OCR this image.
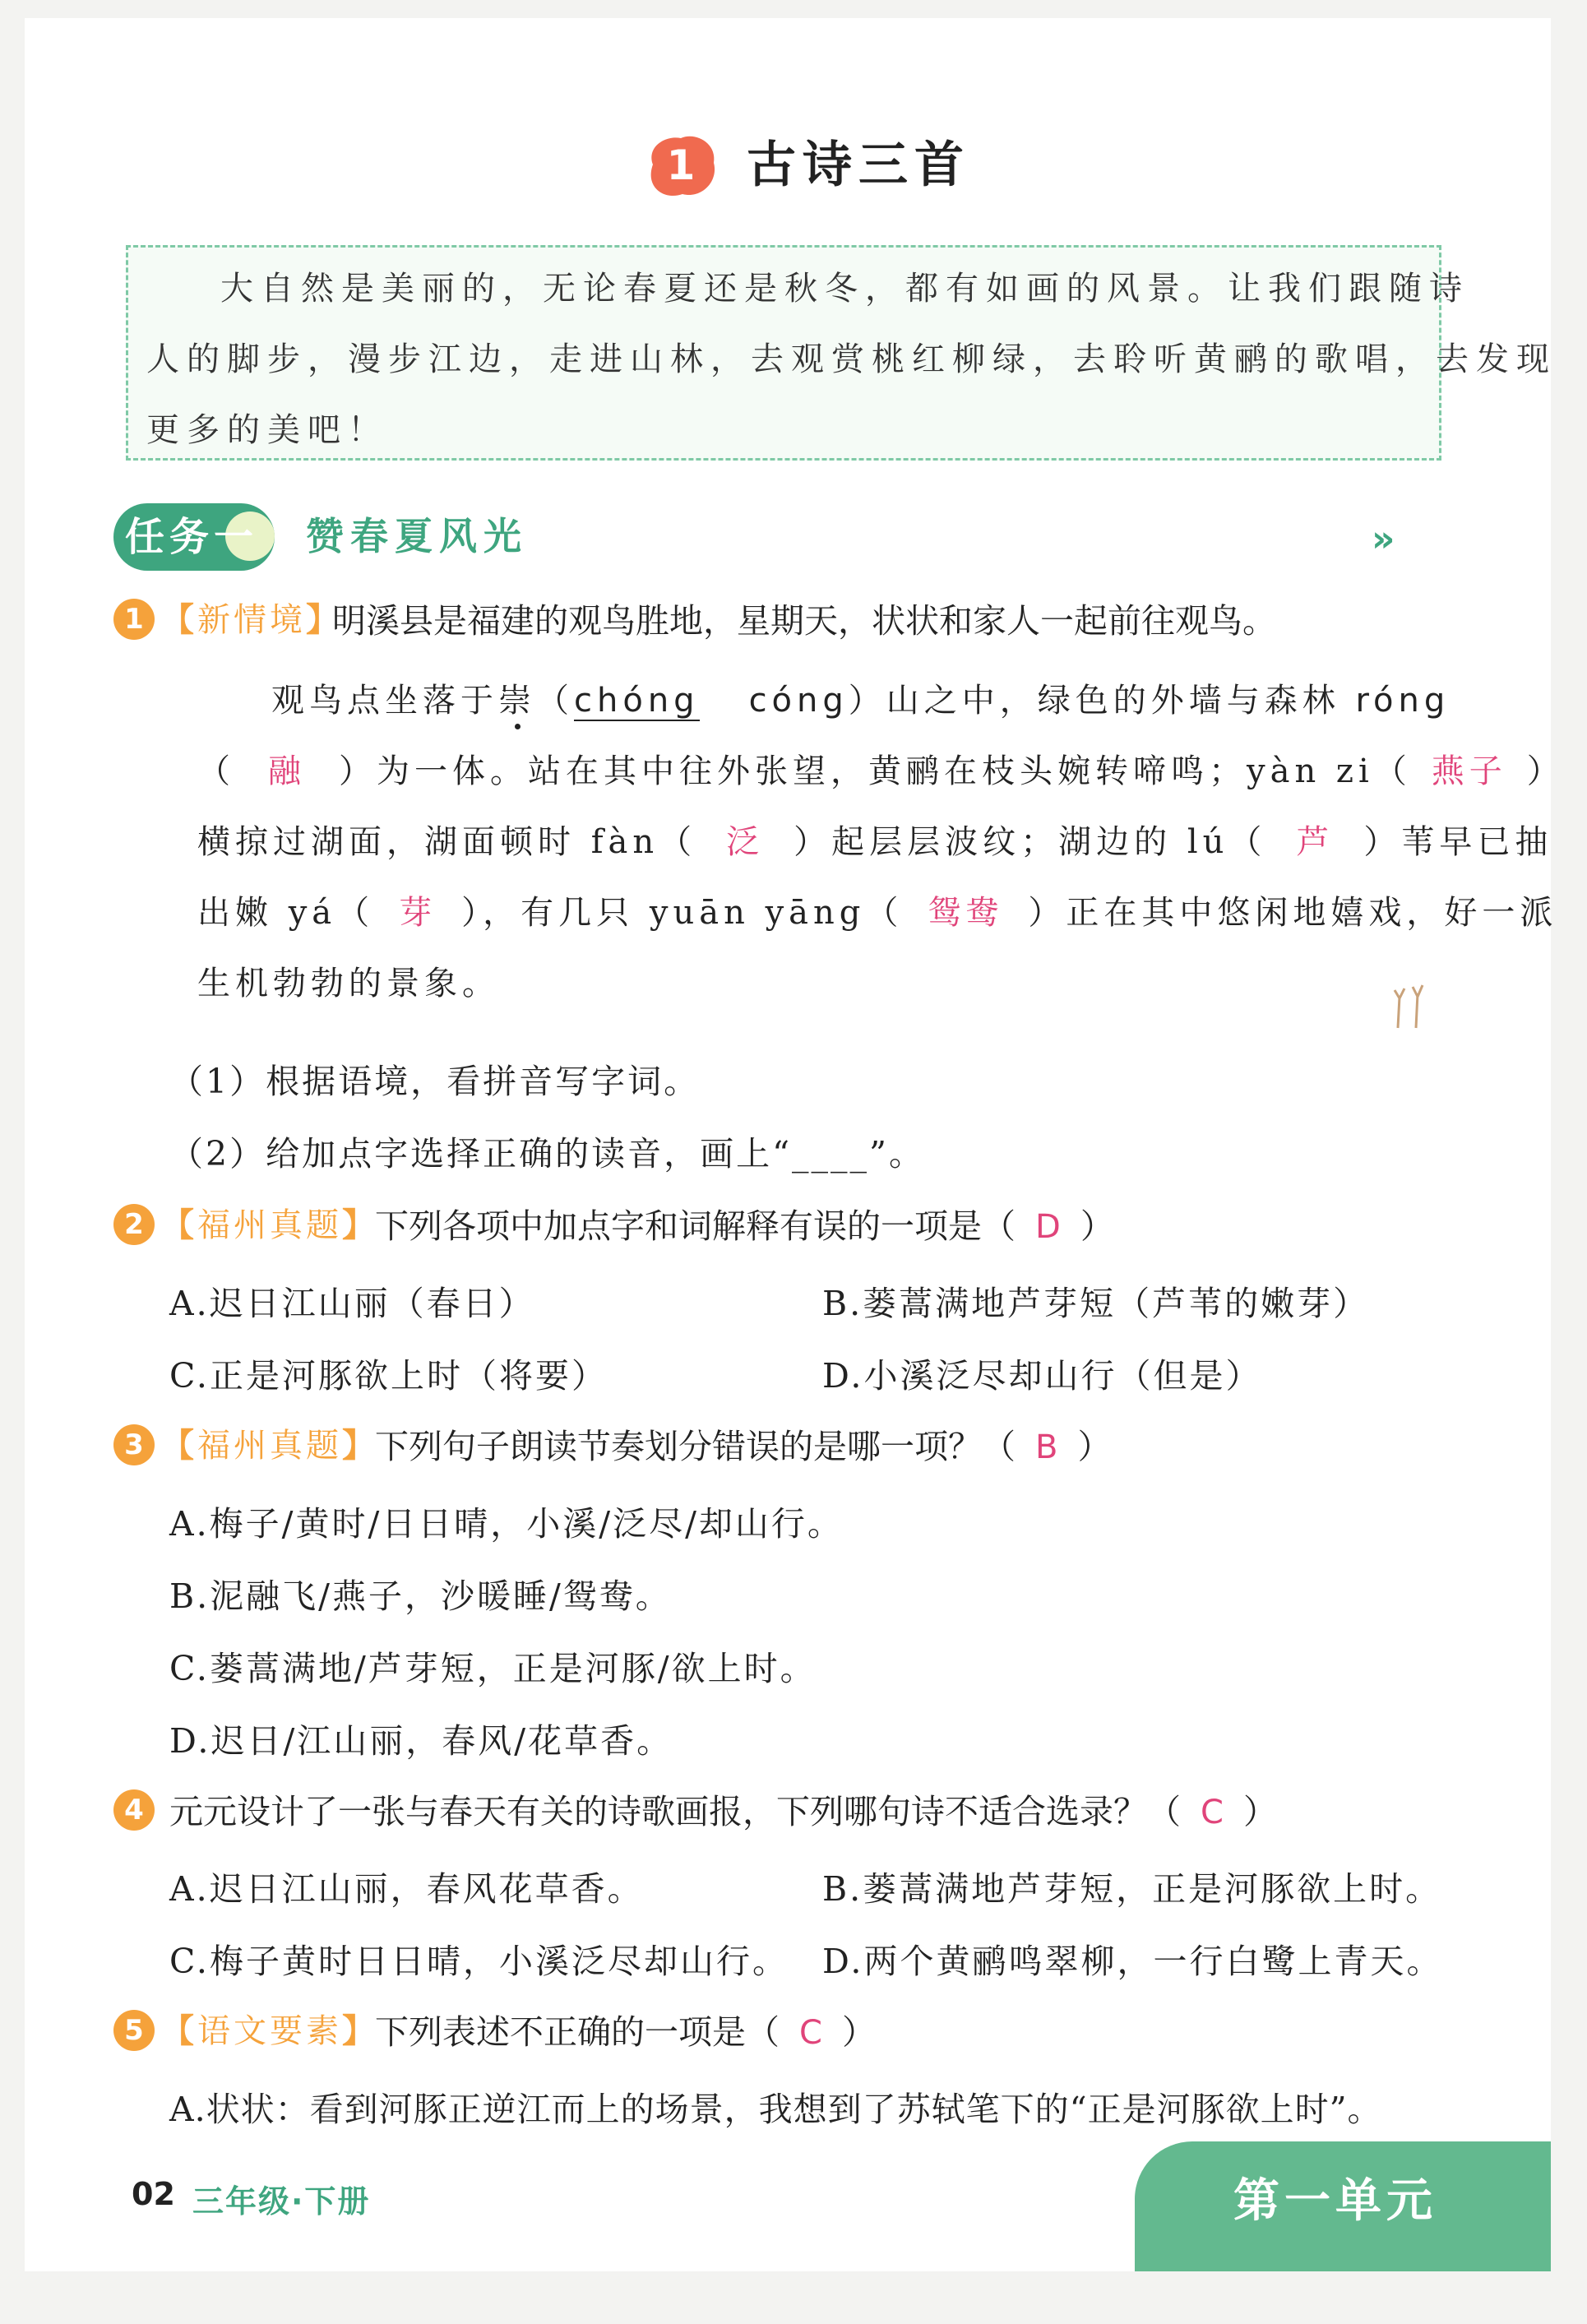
1	古诗三首
大自然是美丽的，无论春夏还是秋冬，都有如画的风景。让我们跟随诗
人的脚步，漫步江边，走进山林，去观赏桃红柳绿，去聆听黄鹂的歌唱，去发现
更多的美吧！
任务一 赞春夏风光	»
1 【新情境】
明溪县是福建的观鸟胜地，星期天，状状和家人一起前往观鸟。
观鸟点坐落于崇（chóng cóng）山之中，绿色的外墙与森林 róng
（ 融 ）为一体。站在其中往外张望，黄鹂在枝头婉转啼鸣；yàn zi（ 燕子 ）
横掠过湖面，湖面顿时 fàn（ 泛 ）起层层波纹；湖边的 lú（ 芦 ）苇早已抽
出嫩 yá（ 芽 ），有几只 yuān yāng（ 鸳鸯 ）正在其中悠闲地嬉戏，好一派
生机勃勃的景象。
（1）根据语境，看拼音写字词。
（2）给加点字选择正确的读音，画上“____”。
2 【福州真题】
下列各项中加点字和词解释有误的一项是（ D ）
A.迟日江山丽（春日）	B.蒌蒿满地芦芽短（芦苇的嫩芽）
C.正是河豚欲上时（将要）	D.小溪泛尽却山行（但是）
3 【福州真题】
下列句子朗读节奏划分错误的是哪一项？（ B ）
A.梅子/黄时/日日晴，小溪/泛尽/却山行。
B.泥融飞/燕子，沙暖睡/鸳鸯。
C.蒌蒿满地/芦芽短，正是河豚/欲上时。
D.迟日/江山丽，春风/花草香。
4 元元设计了一张与春天有关的诗歌画报，下列哪句诗不适合选录？（ C ）
A.迟日江山丽，春风花草香。	B.蒌蒿满地芦芽短，正是河豚欲上时。
C.梅子黄时日日晴，小溪泛尽却山行。 D.两个黄鹂鸣翠柳，一行白鹭上青天。
5 【语文要素】
下列表述不正确的一项是（ C ）
A.状状：看到河豚正逆江而上的场景，我想到了苏轼笔下的“正是河豚欲上时”。
02 三年级·下册	第一单元
